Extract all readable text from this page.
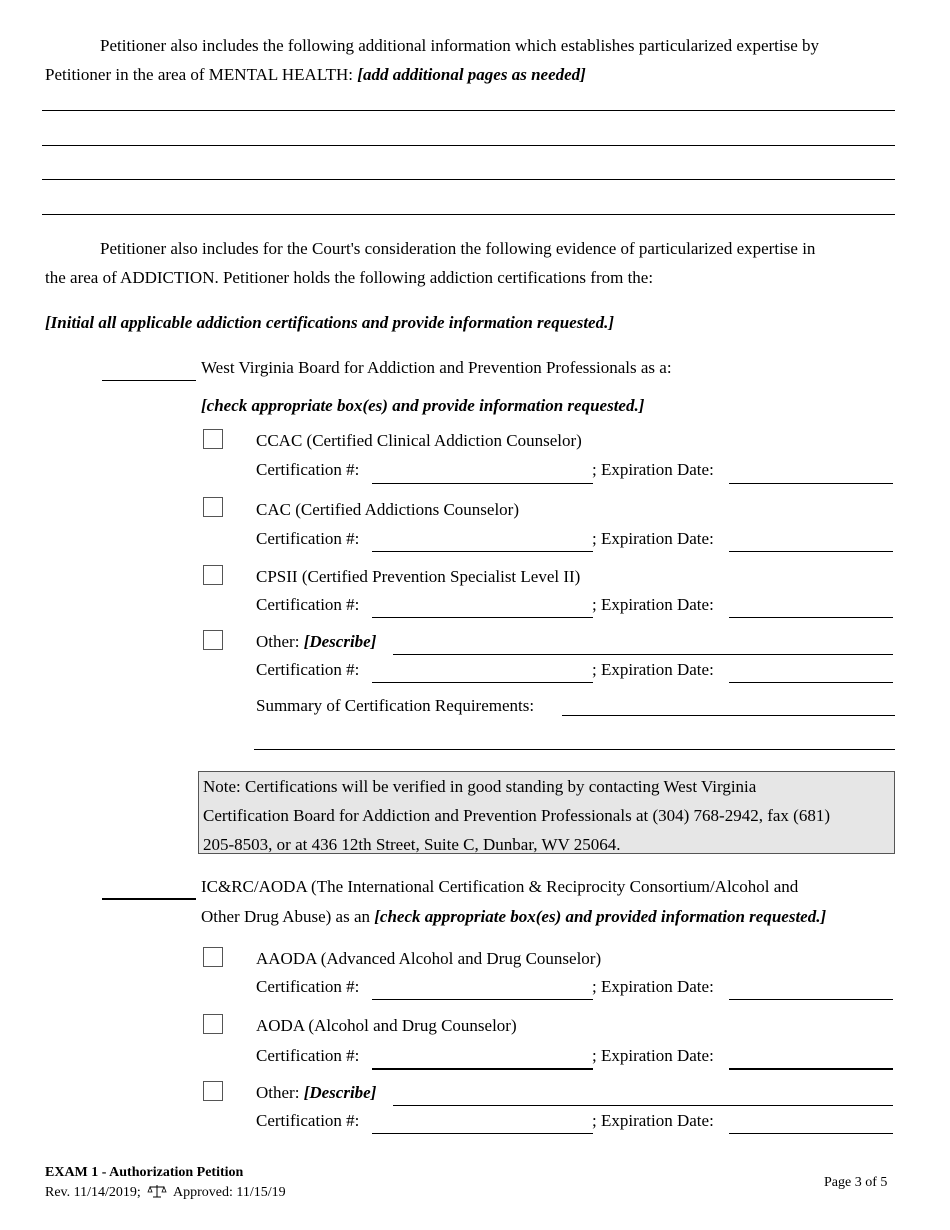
Petitioner also includes the following additional information which establishes particularized expertise by
Petitioner in the area of MENTAL HEALTH: [add additional pages as needed]
Petitioner also includes for the Court's consideration the following evidence of particularized expertise in
the area of ADDICTION. Petitioner holds the following addiction certifications from the:
[Initial all applicable addiction certifications and provide information requested.]
West Virginia Board for Addiction and Prevention Professionals as a:
[check appropriate box(es) and provide information requested.]
CCAC (Certified Clinical Addiction Counselor)
Certification #:	; Expiration Date:
CAC (Certified Addictions Counselor)
Certification #:	; Expiration Date:
CPSII (Certified Prevention Specialist Level II)
Certification #:	; Expiration Date:
Other: [Describe]
Certification #:	; Expiration Date:
Summary of Certification Requirements:
Note: Certifications will be verified in good standing by contacting West Virginia
Certification Board for Addiction and Prevention Professionals at (304) 768-2942, fax (681)
205-8503, or at 436 12th Street, Suite C, Dunbar, WV 25064.
IC&RC/AODA (The International Certification & Reciprocity Consortium/Alcohol and
Other Drug Abuse) as an [check appropriate box(es) and provided information requested.]
AAODA (Advanced Alcohol and Drug Counselor)
Certification #:	; Expiration Date:
AODA (Alcohol and Drug Counselor)
Certification #:	; Expiration Date:
Other: [Describe]
Certification #:	; Expiration Date:
EXAM 1 - Authorization Petition
Rev. 11/14/2019; Approved: 11/15/19
Page 3 of 5
